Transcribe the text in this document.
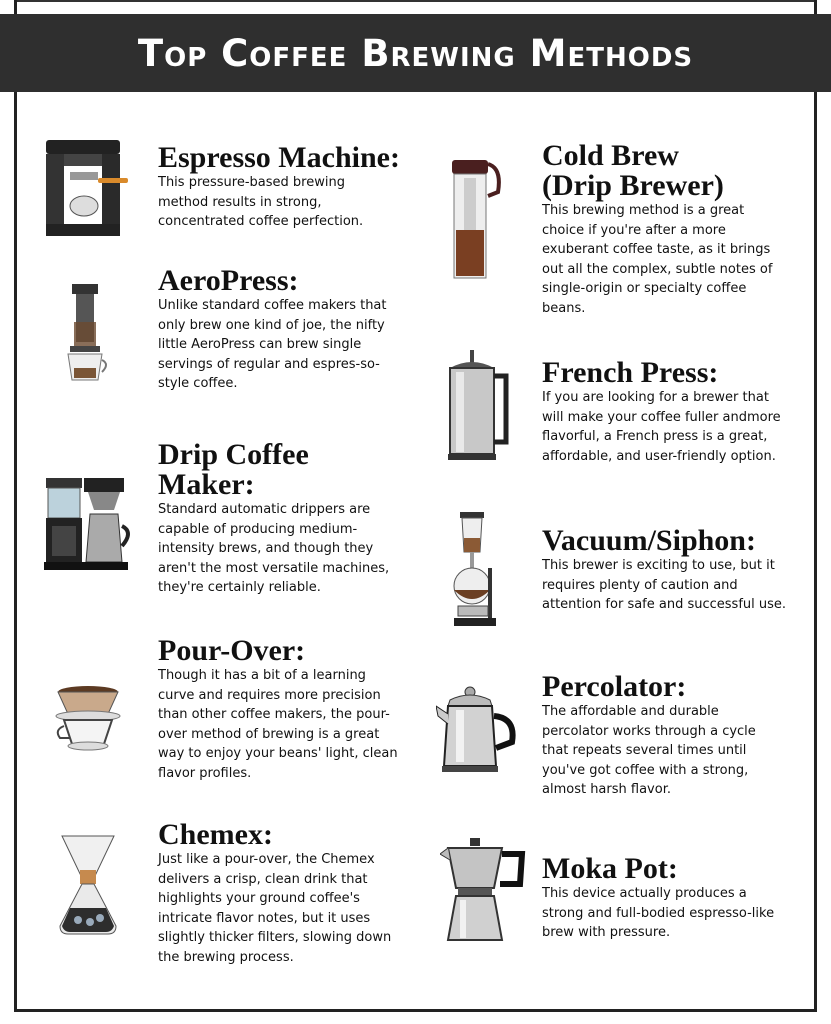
Top Coffee Brewing Methods

Espresso Machine:

This pressure-based brewing method results in strong, concentrated coffee perfection.

AeroPress:

Unlike standard coffee makers that only brew one kind of joe, the nifty little AeroPress can brew single servings of regular and espres-so-style coffee.

Drip Coffee Maker:

Standard automatic drippers are capable of producing medium-intensity brews, and though they aren't the most versatile machines, they're certainly reliable.

Pour-Over:

Though it has a bit of a learning curve and requires more precision than other coffee makers, the pour-over method of brewing is a great way to enjoy your beans' light, clean flavor profiles.

Chemex:

Just like a pour-over, the Chemex delivers a crisp, clean drink that highlights your ground coffee's intricate flavor notes, but it uses slightly thicker filters, slowing down the brewing process.

Cold Brew (Drip Brewer)

This brewing method is a great choice if you're after a more exuberant coffee taste, as it brings out all the complex, subtle notes of single-origin or specialty coffee beans.

French Press:

If you are looking for a brewer that will make your coffee fuller andmore flavorful, a French press is a great, affordable, and user-friendly option.

Vacuum/Siphon:

This brewer is exciting to use, but it requires plenty of caution and attention for safe and successful use.

Percolator:

The affordable and durable percolator works through a cycle that repeats several times until you've got coffee with a strong, almost harsh flavor.

Moka Pot:

This device actually produces a strong and full-bodied espresso-like brew with pressure.
